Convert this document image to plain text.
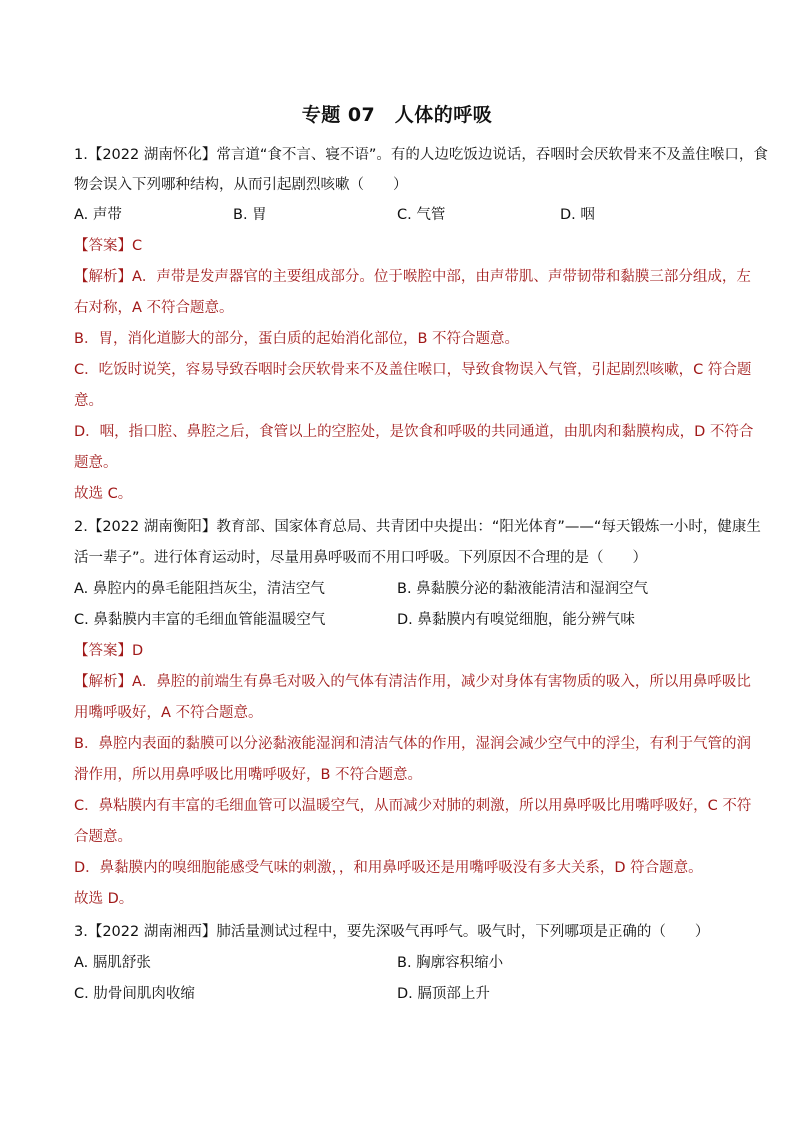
专题 07　人体的呼吸
1.【2022 湖南怀化】常言道“食不言、寝不语”。有的人边吃饭边说话，吞咽时会厌软骨来不及盖住喉口，食
物会误入下列哪种结构，从而引起剧烈咳嗽（　　）
A. 声带	B. 胃	C. 气管	D. 咽
【答案】C
【解析】A．声带是发声器官的主要组成部分。位于喉腔中部，由声带肌、声带韧带和黏膜三部分组成，左
右对称，A 不符合题意。
B．胃，消化道膨大的部分，蛋白质的起始消化部位，B 不符合题意。
C．吃饭时说笑，容易导致吞咽时会厌软骨来不及盖住喉口，导致食物误入气管，引起剧烈咳嗽，C 符合题
意。
D．咽，指口腔、鼻腔之后，食管以上的空腔处，是饮食和呼吸的共同通道，由肌肉和黏膜构成，D 不符合
题意。
故选 C。
2.【2022 湖南衡阳】教育部、国家体育总局、共青团中央提出：“阳光体育”——“每天锻炼一小时，健康生
活一辈子”。进行体育运动时，尽量用鼻呼吸而不用口呼吸。下列原因不合理的是（　　）
A. 鼻腔内的鼻毛能阻挡灰尘，清洁空气	B. 鼻黏膜分泌的黏液能清洁和湿润空气
C. 鼻黏膜内丰富的毛细血管能温暖空气	D. 鼻黏膜内有嗅觉细胞，能分辨气味
【答案】D
【解析】A．鼻腔的前端生有鼻毛对吸入的气体有清洁作用，减少对身体有害物质的吸入，所以用鼻呼吸比
用嘴呼吸好，A 不符合题意。
B．鼻腔内表面的黏膜可以分泌黏液能湿润和清洁气体的作用，湿润会减少空气中的浮尘，有利于气管的润
滑作用，所以用鼻呼吸比用嘴呼吸好，B 不符合题意。
C．鼻粘膜内有丰富的毛细血管可以温暖空气，从而减少对肺的刺激，所以用鼻呼吸比用嘴呼吸好，C 不符
合题意。
D．鼻黏膜内的嗅细胞能感受气味的刺激，，和用鼻呼吸还是用嘴呼吸没有多大关系，D 符合题意。
故选 D。
3.【2022 湖南湘西】肺活量测试过程中，要先深吸气再呼气。吸气时，下列哪项是正确的（　　）
A. 膈肌舒张	B. 胸廓容积缩小
C. 肋骨间肌肉收缩	D. 膈顶部上升
